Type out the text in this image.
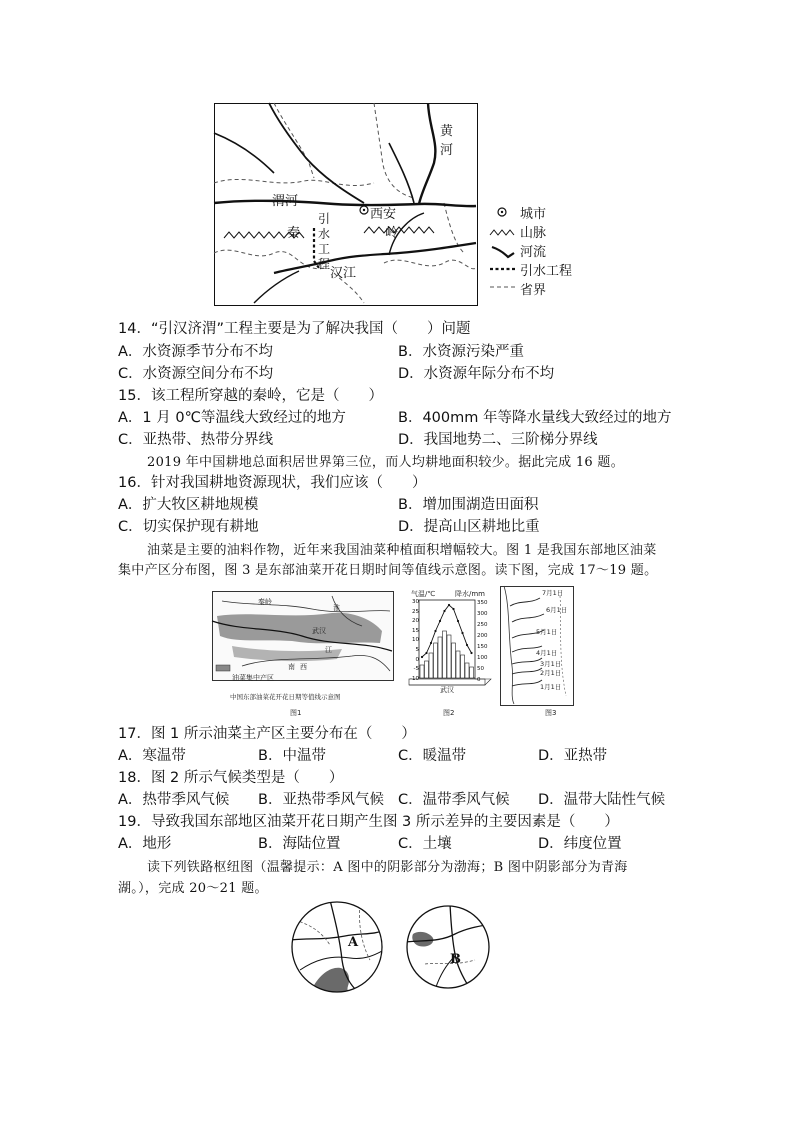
黄
河
渭河
西安
秦	岭
引
水
工
程
汉江
城市
山脉
河流
引水工程
省界
14．“引汉济渭”工程主要是为了解决我国（　　）问题
A．水资源季节分布不均	B．水资源污染严重
C．水资源空间分布不均	D．水资源年际分布不均
15．该工程所穿越的秦岭，它是（　　）
A．1 月 0℃等温线大致经过的地方	B．400mm 年等降水量线大致经过的地方
C．亚热带、热带分界线	D．我国地势二、三阶梯分界线
2019 年中国耕地总面积居世界第三位，而人均耕地面积较少。据此完成 16 题。
16．针对我国耕地资源现状，我们应该（　　）
A．扩大牧区耕地规模	B．增加围湖造田面积
C．切实保护现有耕地	D．提高山区耕地比重
油菜是主要的油料作物，近年来我国油菜种植面积增幅较大。图 1 是我国东部地区油菜
集中产区分布图，图 3 是东部油菜开花日期时间等值线示意图。读下图，完成 17～19 题。
秦岭
淮
武汉
江
南 西
油菜集中产区
中国东部油菜花开花日期等值线示意图
图1
气温/℃	降水/mm
30
25
20
15
10
5
0
-5
-10
350
300
250
200
150
100
50
0
武汉
图2
7月1日
6月1日
5月1日
4月1日
3月1日
2月1日
1月1日
图3
17．图 1 所示油菜主产区主要分布在（　　）
A．寒温带	B．中温带	C．暖温带	D．亚热带
18．图 2 所示气候类型是（　　）
A．热带季风气候 B．亚热带季风气候 C．温带季风气候 D．温带大陆性气候
19．导致我国东部地区油菜开花日期产生图 3 所示差异的主要因素是（　　）
A．地形	B．海陆位置	C．土壤	D．纬度位置
读下列铁路枢纽图（温馨提示：A 图中的阴影部分为渤海；B 图中阴影部分为青海
湖。），完成 20～21 题。
A
B
